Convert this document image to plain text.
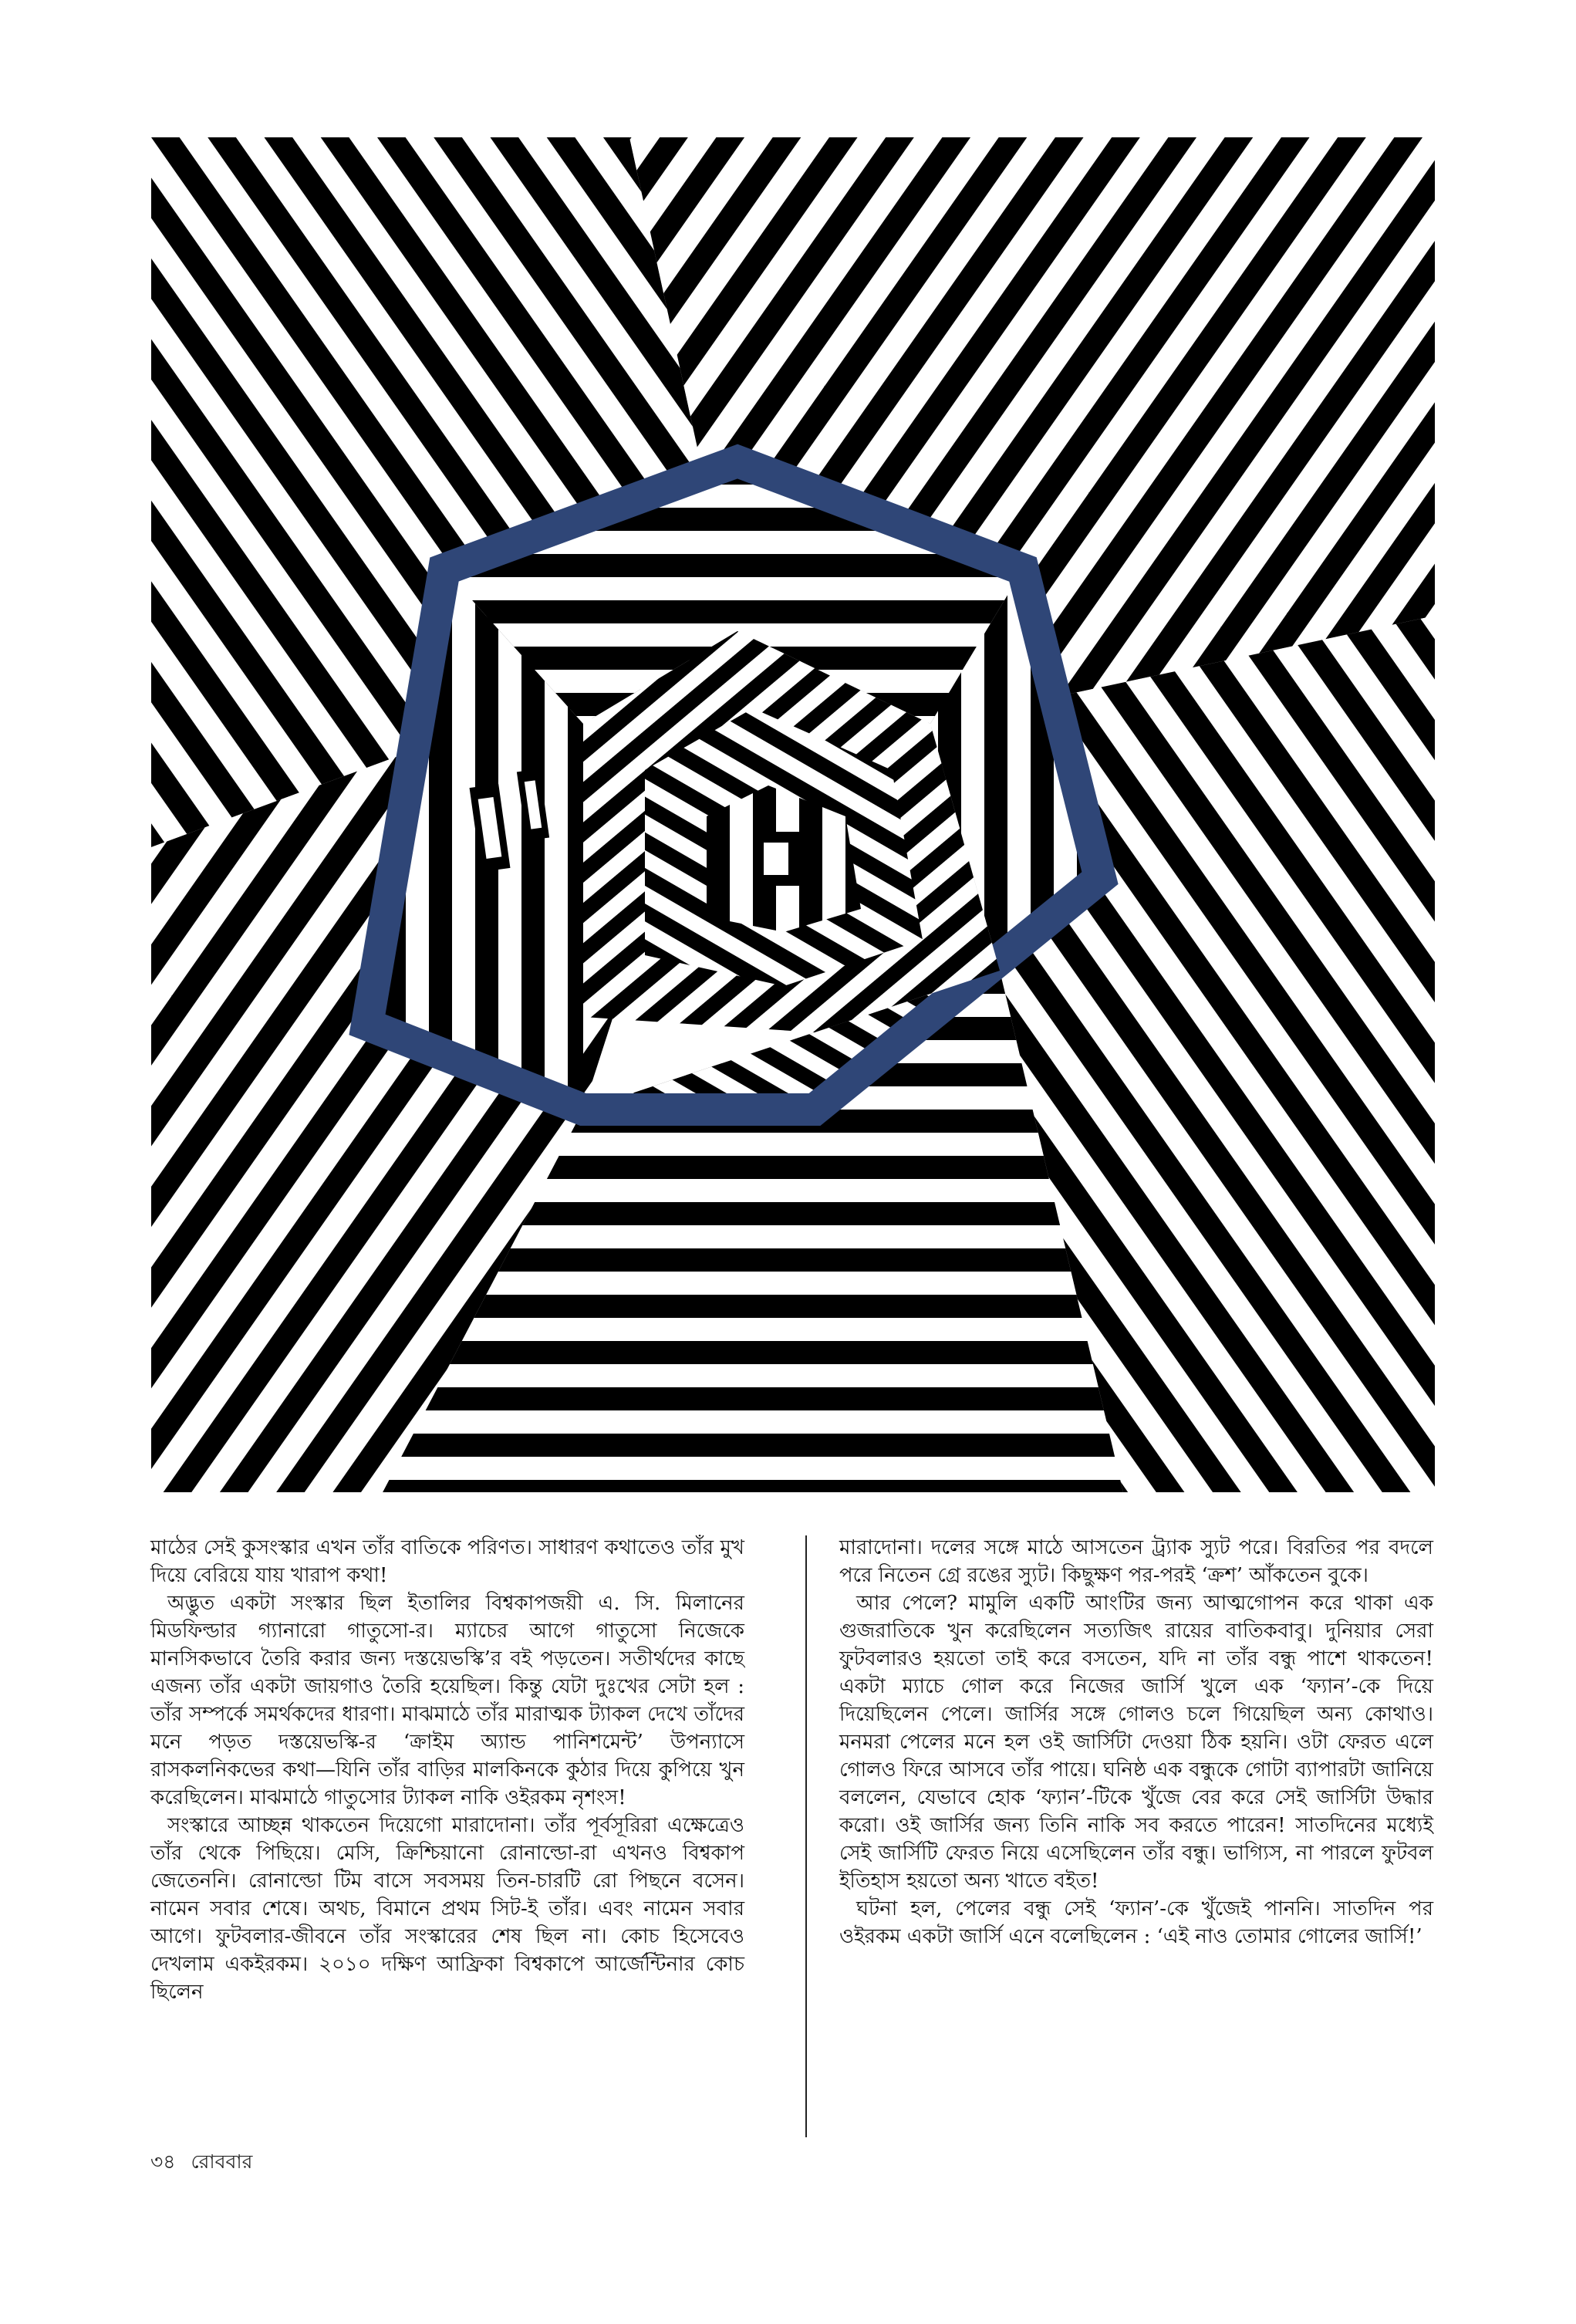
মাঠের সেই কুসংস্কার এখন তাঁর বাতিকে পরিণত। সাধারণ কথাতেও তাঁর মুখ দিয়ে বেরিয়ে যায় খারাপ কথা!

অদ্ভুত একটা সংস্কার ছিল ইতালির বিশ্বকাপজয়ী এ. সি. মিলানের মিডফিল্ডার গ্যানারো গাতুসো-র। ম্যাচের আগে গাতুসো নিজেকে মানসিকভাবে তৈরি করার জন্য দস্তয়েভস্কি’র বই পড়তেন। সতীর্থদের কাছে এজন্য তাঁর একটা জায়গাও তৈরি হয়েছিল। কিন্তু যেটা দুঃখের সেটা হল : তাঁর সম্পর্কে সমর্থকদের ধারণা। মাঝমাঠে তাঁর মারাত্মক ট্যাকল দেখে তাঁদের মনে পড়ত দস্তয়েভস্কি-র ‘ক্রাইম অ্যান্ড পানিশমেন্ট’ উপন্যাসে রাসকলনিকভের কথা—যিনি তাঁর বাড়ির মালকিনকে কুঠার দিয়ে কুপিয়ে খুন করেছিলেন। মাঝমাঠে গাতুসোর ট্যাকল নাকি ওইরকম নৃশংস!

সংস্কারে আচ্ছন্ন থাকতেন দিয়েগো মারাদোনা। তাঁর পূর্বসূরিরা এক্ষেত্রেও তাঁর থেকে পিছিয়ে। মেসি, ক্রিশ্চিয়ানো রোনাল্ডো-রা এখনও বিশ্বকাপ জেতেননি। রোনাল্ডো টিম বাসে সবসময় তিন-চারটি রো পিছনে বসেন। নামেন সবার শেষে। অথচ, বিমানে প্রথম সিট-ই তাঁর। এবং নামেন সবার আগে। ফুটবলার-জীবনে তাঁর সংস্কারের শেষ ছিল না। কোচ হিসেবেও দেখলাম একইরকম। ২০১০ দক্ষিণ আফ্রিকা বিশ্বকাপে আর্জেন্টিনার কোচ ছিলেন

মারাদোনা। দলের সঙ্গে মাঠে আসতেন ট্র্যাক স্যুট পরে। বিরতির পর বদলে পরে নিতেন গ্রে রঙের স্যুট। কিছুক্ষণ পর-পরই ‘ক্রশ’ আঁকতেন বুকে।

আর পেলে? মামুলি একটি আংটির জন্য আত্মগোপন করে থাকা এক গুজরাতিকে খুন করেছিলেন সত্যজিৎ রায়ের বাতিকবাবু। দুনিয়ার সেরা ফুটবলারও হয়তো তাই করে বসতেন, যদি না তাঁর বন্ধু পাশে থাকতেন! একটা ম্যাচে গোল করে নিজের জার্সি খুলে এক ‘ফ্যান’-কে দিয়ে দিয়েছিলেন পেলে। জার্সির সঙ্গে গোলও চলে গিয়েছিল অন্য কোথাও। মনমরা পেলের মনে হল ওই জার্সিটা দেওয়া ঠিক হয়নি। ওটা ফেরত এলে গোলও ফিরে আসবে তাঁর পায়ে। ঘনিষ্ঠ এক বন্ধুকে গোটা ব্যাপারটা জানিয়ে বললেন, যেভাবে হোক ‘ফ্যান’-টিকে খুঁজে বের করে সেই জার্সিটা উদ্ধার করো। ওই জার্সির জন্য তিনি নাকি সব করতে পারেন! সাতদিনের মধ্যেই সেই জার্সিটি ফেরত নিয়ে এসেছিলেন তাঁর বন্ধু। ভাগ্যিস, না পারলে ফুটবল ইতিহাস হয়তো অন্য খাতে বইত!

ঘটনা হল, পেলের বন্ধু সেই ‘ফ্যান’-কে খুঁজেই পাননি। সাতদিন পর ওইরকম একটা জার্সি এনে বলেছিলেন : ‘এই নাও তোমার গোলের জার্সি!’

৩৪ রোববার
